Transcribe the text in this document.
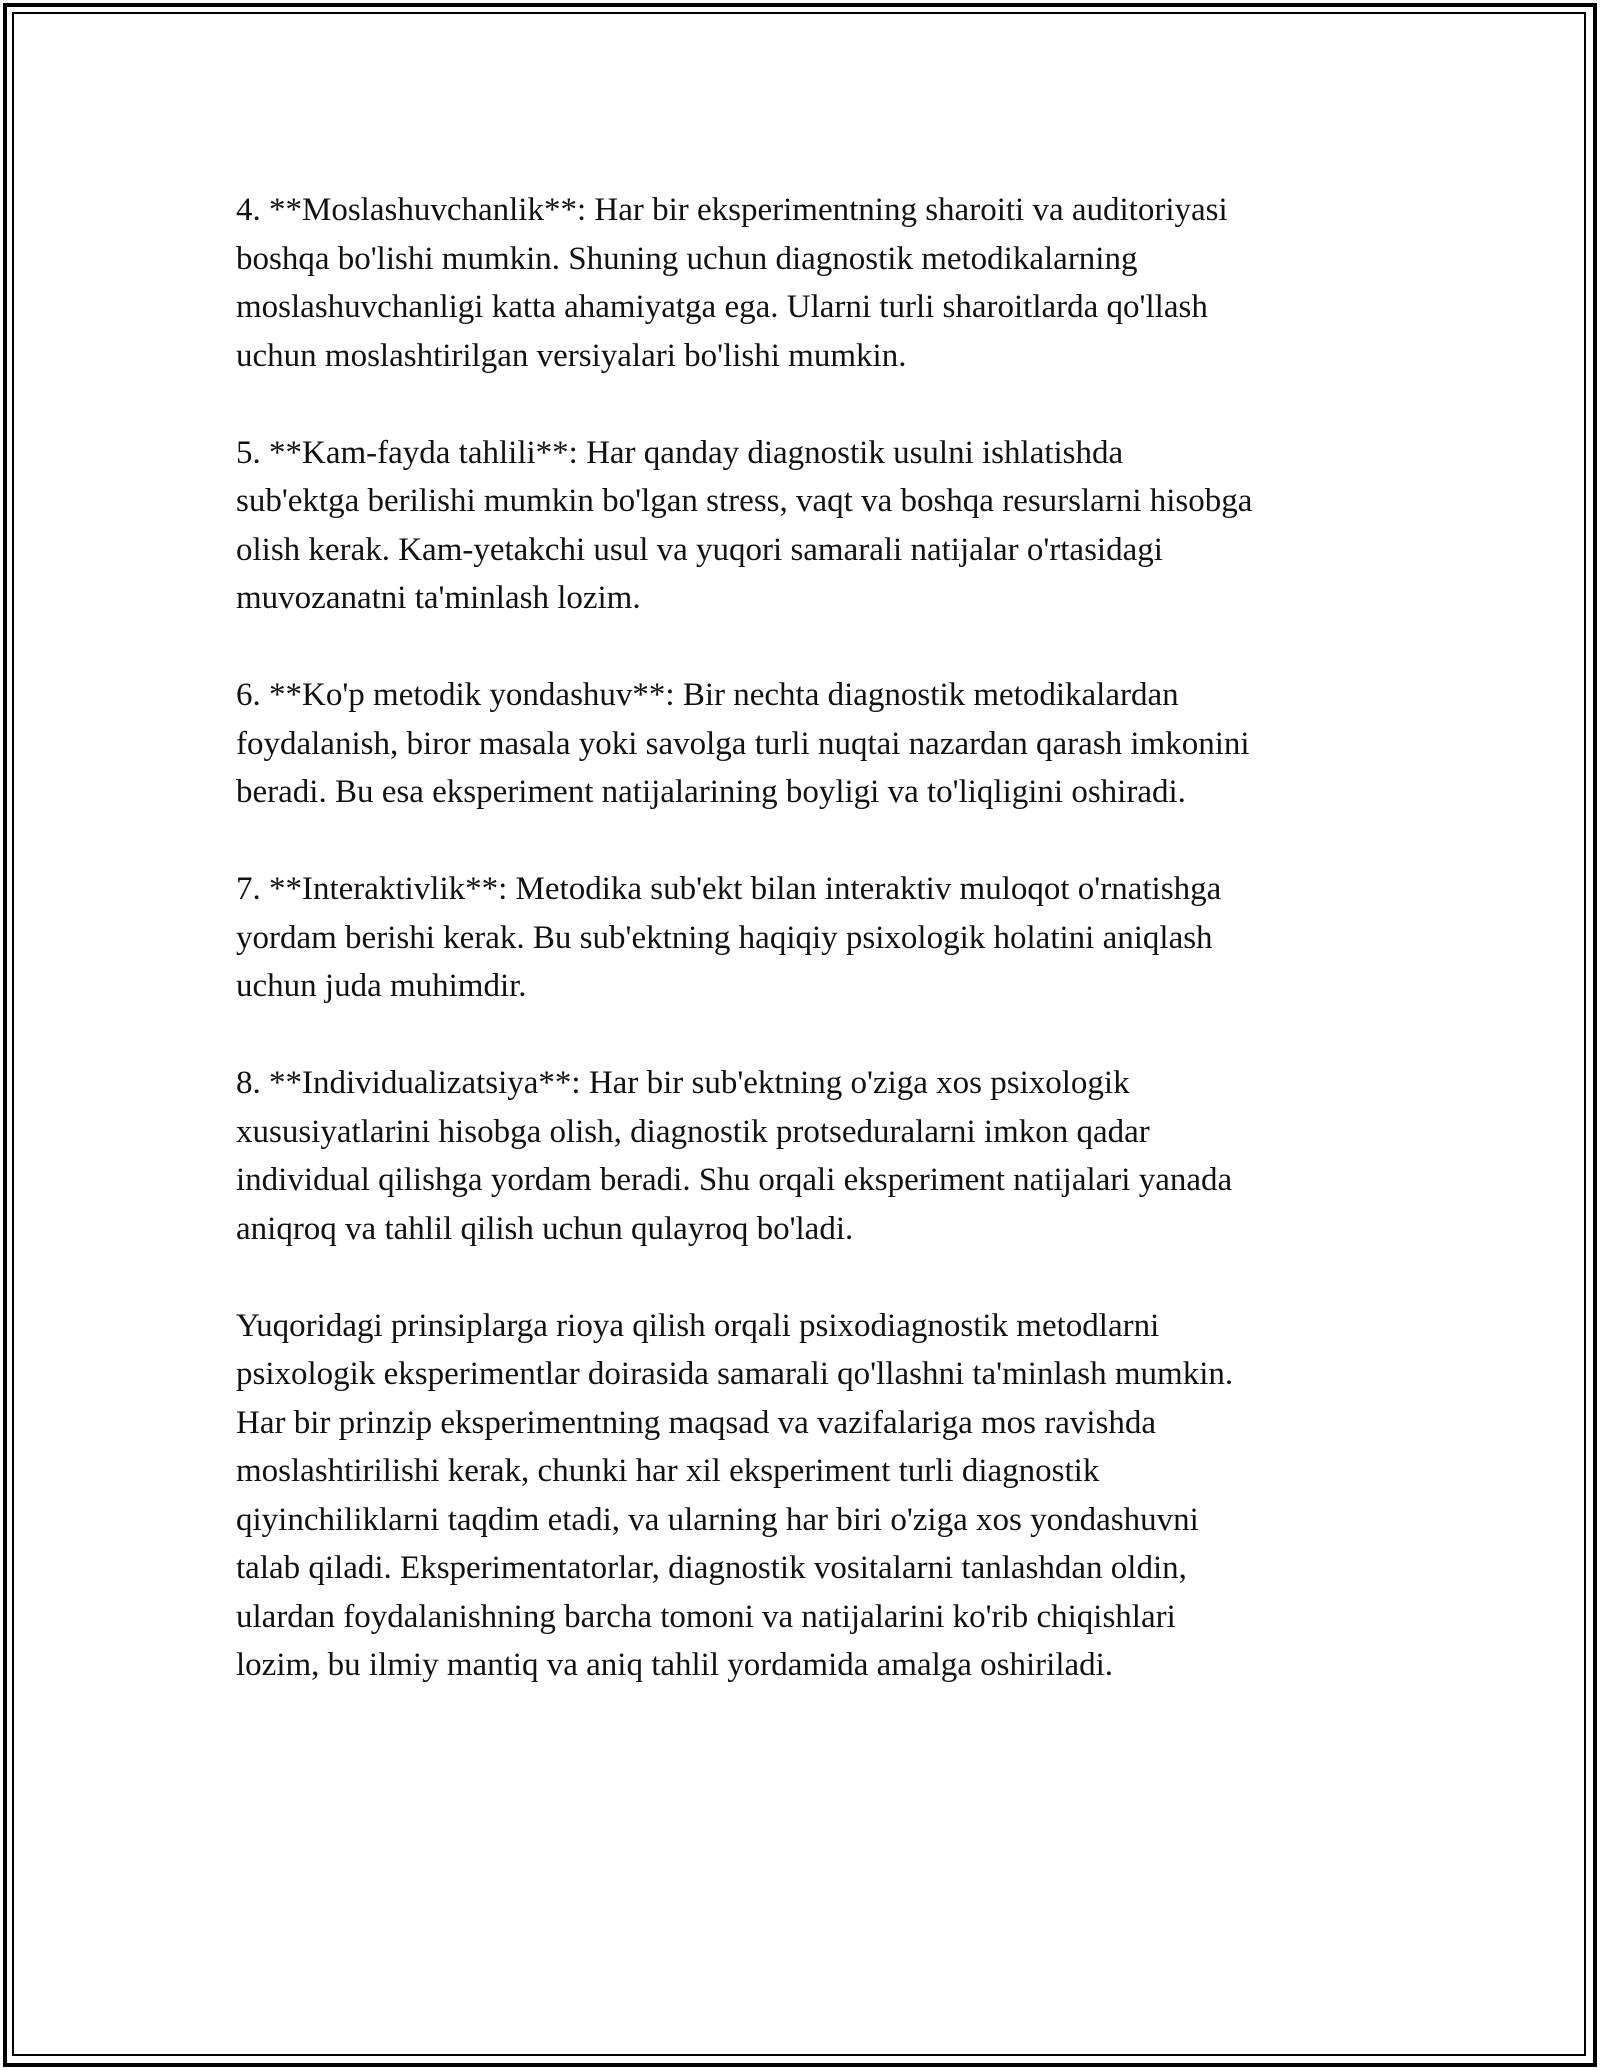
4. **Moslashuvchanlik**: Har bir eksperimentning sharoiti va auditoriyasi
boshqa bo'lishi mumkin. Shuning uchun diagnostik metodikalarning
moslashuvchanligi katta ahamiyatga ega. Ularni turli sharoitlarda qo'llash
uchun moslashtirilgan versiyalari bo'lishi mumkin.

5. **Kam-fayda tahlili**: Har qanday diagnostik usulni ishlatishda
sub'ektga berilishi mumkin bo'lgan stress, vaqt va boshqa resurslarni hisobga
olish kerak. Kam-yetakchi usul va yuqori samarali natijalar o'rtasidagi
muvozanatni ta'minlash lozim.

6. **Ko'p metodik yondashuv**: Bir nechta diagnostik metodikalardan
foydalanish, biror masala yoki savolga turli nuqtai nazardan qarash imkonini
beradi. Bu esa eksperiment natijalarining boyligi va to'liqligini oshiradi.

7. **Interaktivlik**: Metodika sub'ekt bilan interaktiv muloqot o'rnatishga
yordam berishi kerak. Bu sub'ektning haqiqiy psixologik holatini aniqlash
uchun juda muhimdir.

8. **Individualizatsiya**: Har bir sub'ektning o'ziga xos psixologik
xususiyatlarini hisobga olish, diagnostik protseduralarni imkon qadar
individual qilishga yordam beradi. Shu orqali eksperiment natijalari yanada
aniqroq va tahlil qilish uchun qulayroq bo'ladi.

Yuqoridagi prinsiplarga rioya qilish orqali psixodiagnostik metodlarni
psixologik eksperimentlar doirasida samarali qo'llashni ta'minlash mumkin.
Har bir prinzip eksperimentning maqsad va vazifalariga mos ravishda
moslashtirilishi kerak, chunki har xil eksperiment turli diagnostik
qiyinchiliklarni taqdim etadi, va ularning har biri o'ziga xos yondashuvni
talab qiladi. Eksperimentatorlar, diagnostik vositalarni tanlashdan oldin,
ulardan foydalanishning barcha tomoni va natijalarini ko'rib chiqishlari
lozim, bu ilmiy mantiq va aniq tahlil yordamida amalga oshiriladi.
